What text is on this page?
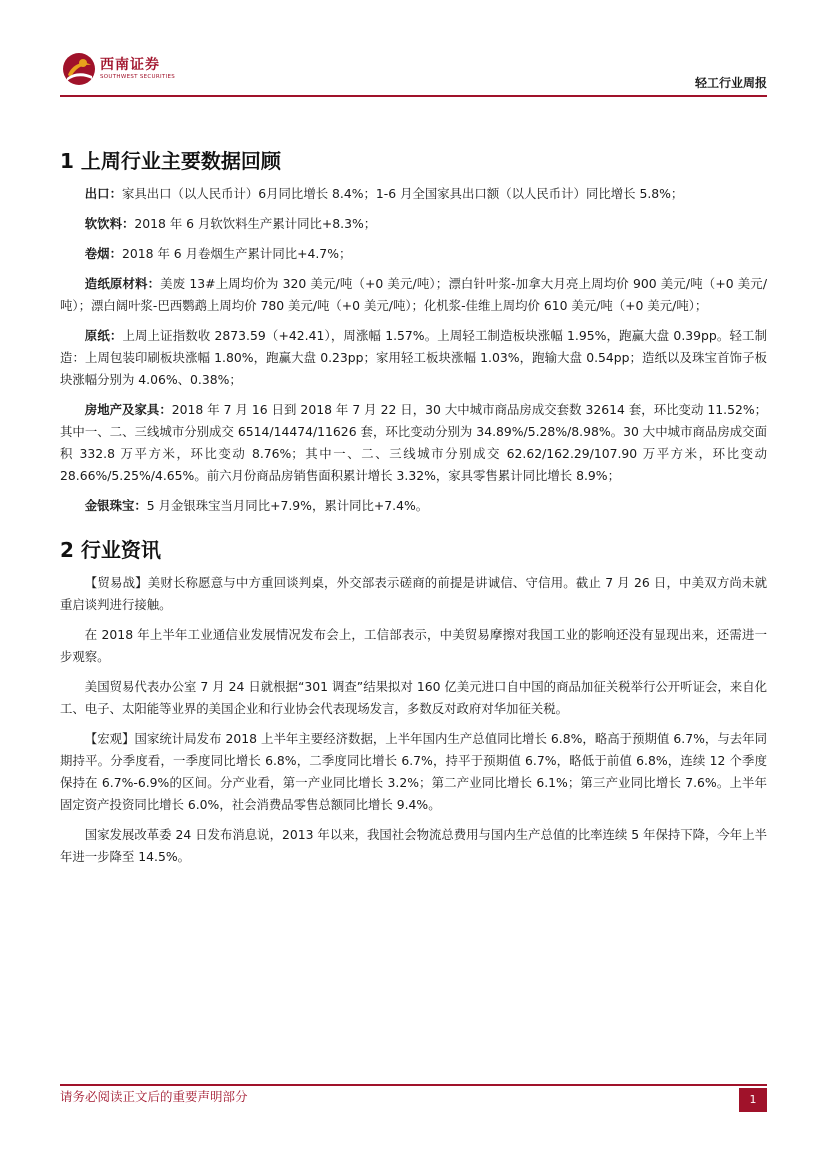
西南证券
SOUTHWEST SECURITIES	轻工行业周报
1 上周行业主要数据回顾

出口：家具出口（以人民币计）6月同比增长 8.4%；1-6 月全国家具出口额（以人民币计）同比增长 5.8%；

软饮料：2018 年 6 月软饮料生产累计同比+8.3%；

卷烟：2018 年 6 月卷烟生产累计同比+4.7%；

造纸原材料：美废 13#上周均价为 320 美元/吨（+0 美元/吨）；漂白针叶浆-加拿大月亮上周均价 900 美元/吨（+0 美元/吨）；漂白阔叶浆-巴西鹦鹉上周均价 780 美元/吨（+0 美元/吨）；化机浆-佳维上周均价 610 美元/吨（+0 美元/吨）；

原纸：上周上证指数收 2873.59（+42.41），周涨幅 1.57%。上周轻工制造板块涨幅 1.95%，跑赢大盘 0.39pp。轻工制造：上周包装印刷板块涨幅 1.80%，跑赢大盘 0.23pp；家用轻工板块涨幅 1.03%，跑输大盘 0.54pp；造纸以及珠宝首饰子板块涨幅分别为 4.06%、0.38%；

房地产及家具：2018 年 7 月 16 日到 2018 年 7 月 22 日，30 大中城市商品房成交套数 32614 套，环比变动 11.52%；其中一、二、三线城市分别成交 6514/14474/11626 套，环比变动分别为 34.89%/5.28%/8.98%。30 大中城市商品房成交面积 332.8 万平方米，环比变动 8.76%；其中一、二、三线城市分别成交 62.62/162.29/107.90 万平方米，环比变动 28.66%/5.25%/4.65%。前六月份商品房销售面积累计增长 3.32%，家具零售累计同比增长 8.9%；

金银珠宝：5 月金银珠宝当月同比+7.9%，累计同比+7.4%。

2 行业资讯

【贸易战】美财长称愿意与中方重回谈判桌，外交部表示磋商的前提是讲诚信、守信用。截止 7 月 26 日，中美双方尚未就重启谈判进行接触。

在 2018 年上半年工业通信业发展情况发布会上，工信部表示，中美贸易摩擦对我国工业的影响还没有显现出来，还需进一步观察。

美国贸易代表办公室 7 月 24 日就根据“301 调查”结果拟对 160 亿美元进口自中国的商品加征关税举行公开听证会，来自化工、电子、太阳能等业界的美国企业和行业协会代表现场发言，多数反对政府对华加征关税。

【宏观】国家统计局发布 2018 上半年主要经济数据，上半年国内生产总值同比增长 6.8%，略高于预期值 6.7%，与去年同期持平。分季度看，一季度同比增长 6.8%，二季度同比增长 6.7%，持平于预期值 6.7%，略低于前值 6.8%，连续 12 个季度保持在 6.7%-6.9%的区间。分产业看，第一产业同比增长 3.2%；第二产业同比增长 6.1%；第三产业同比增长 7.6%。上半年固定资产投资同比增长 6.0%，社会消费品零售总额同比增长 9.4%。

国家发展改革委 24 日发布消息说，2013 年以来，我国社会物流总费用与国内生产总值的比率连续 5 年保持下降，今年上半年进一步降至 14.5%。

请务必阅读正文后的重要声明部分	1
